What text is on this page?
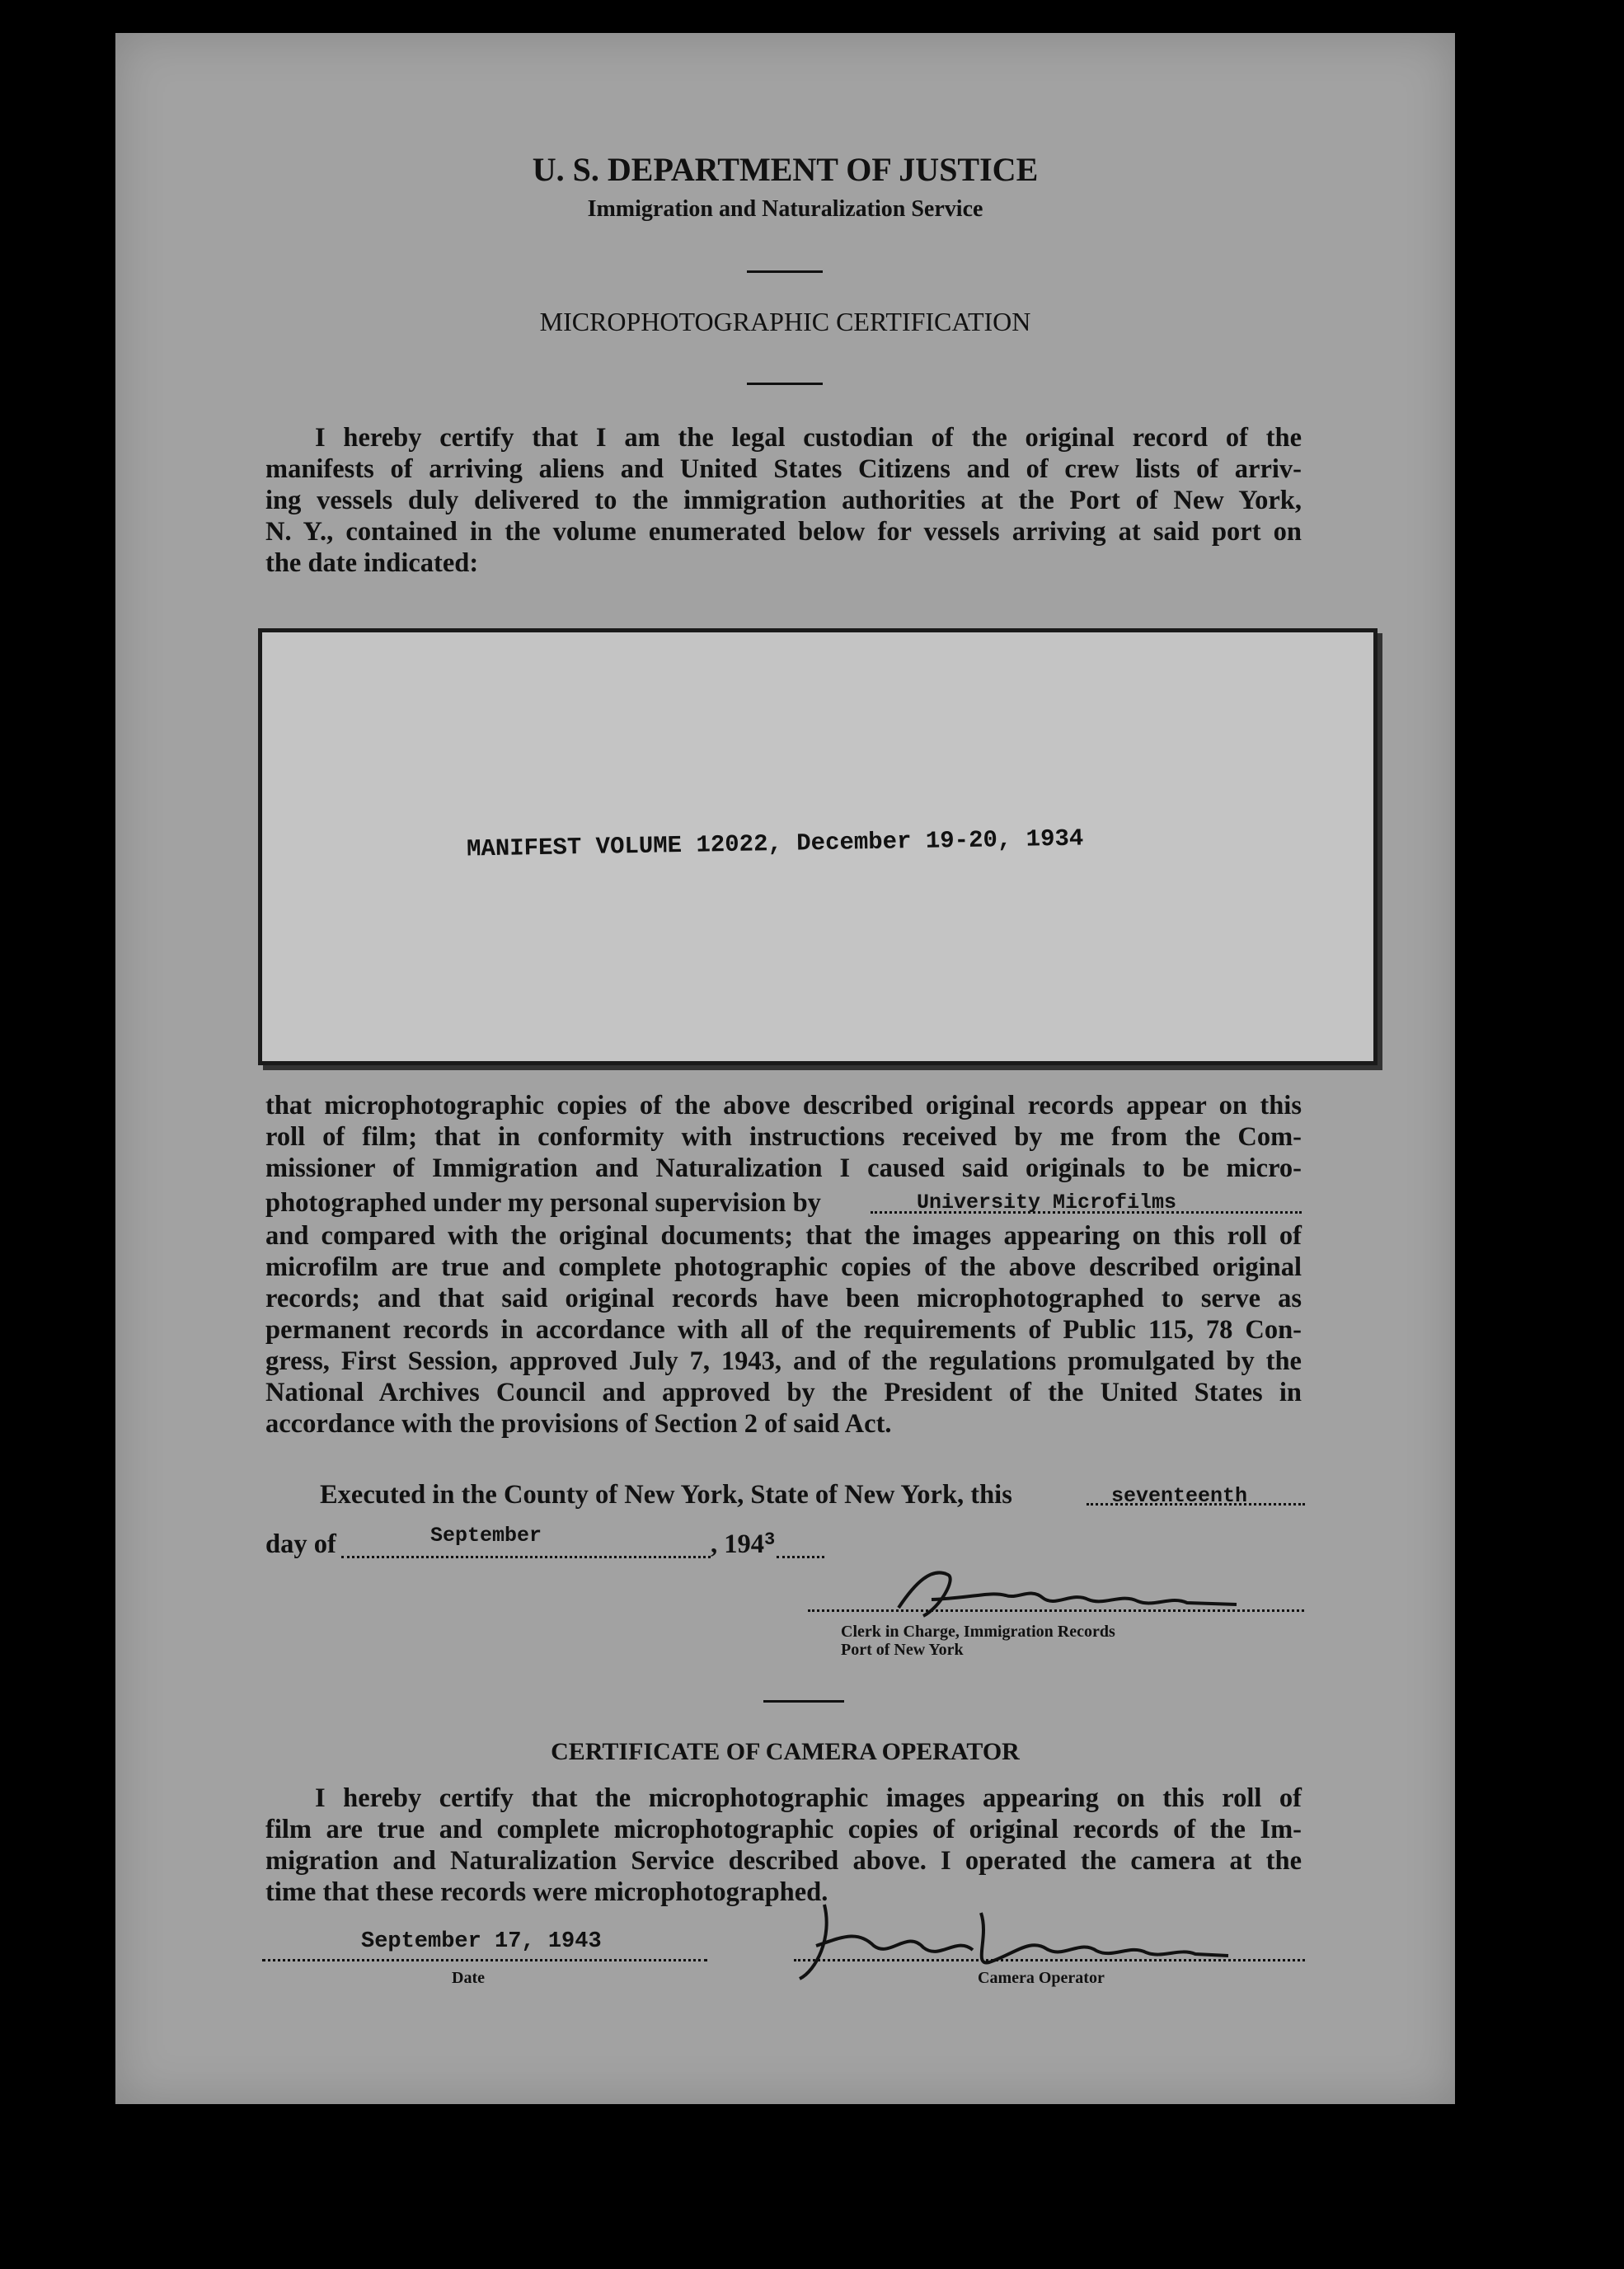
U. S. DEPARTMENT OF JUSTICE
Immigration and Naturalization Service
MICROPHOTOGRAPHIC CERTIFICATION
I hereby certify that I am the legal custodian of the original record of the
manifests of arriving aliens and United States Citizens and of crew lists of arriv-
ing vessels duly delivered to the immigration authorities at the Port of New York,
N. Y., contained in the volume enumerated below for vessels arriving at said port on
the date indicated:
MANIFEST VOLUME 12022, December 19-20, 1934
that microphotographic copies of the above described original records appear on this
roll of film; that in conformity with instructions received by me from the Com-
missioner of Immigration and Naturalization I caused said originals to be micro-
photographed under my personal supervision by	University Microfilms
and compared with the original documents; that the images appearing on this roll of
microfilm are true and complete photographic copies of the above described original
records; and that said original records have been microphotographed to serve as
permanent records in accordance with all of the requirements of Public 115, 78 Con-
gress, First Session, approved July 7, 1943, and of the regulations promulgated by the
National Archives Council and approved by the President of the United States in
accordance with the provisions of Section 2 of said Act.
Executed in the County of New York, State of New York, this	seventeenth
day of	September	, $194^3$
Clerk in Charge, Immigration Records
Port of New York
CERTIFICATE OF CAMERA OPERATOR
I hereby certify that the microphotographic images appearing on this roll of
film are true and complete microphotographic copies of original records of the Im-
migration and Naturalization Service described above. I operated the camera at the
time that these records were microphotographed.
September 17, 1943
Date	Camera Operator
